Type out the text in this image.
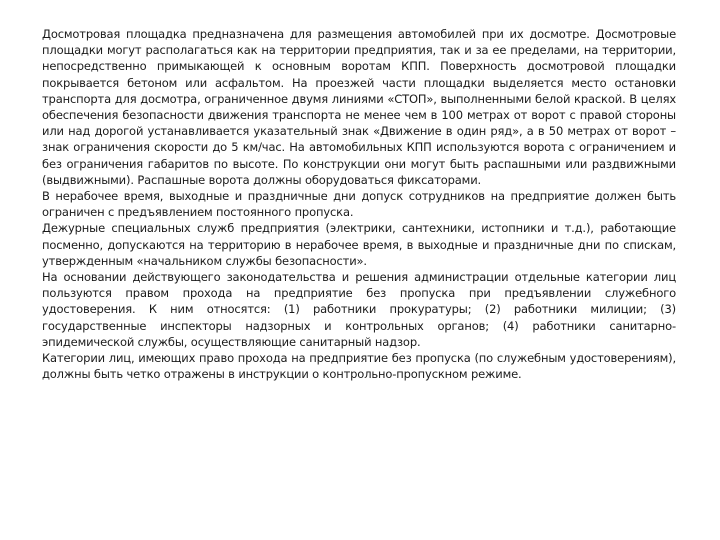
Досмотровая площадка предназначена для размещения автомобилей при их досмотре. Досмотровые площадки могут располагаться как на территории предприятия, так и за ее пределами, на территории, непосредственно примыкающей к основным воротам КПП. Поверхность досмотровой площадки покрывается бетоном или асфальтом. На проезжей части площадки выделяется место остановки транспорта для досмотра, ограниченное двумя линиями «СТОП», выполненными белой краской. В целях обеспечения безопасности движения транспорта не менее чем в 100 метрах от ворот с правой стороны или над дорогой устанавливается указательный знак «Движение в один ряд», а в 50 метрах от ворот – знак ограничения скорости до 5 км/час. На автомобильных КПП используются ворота с ограничением и без ограничения габаритов по высоте. По конструкции они могут быть распашными или раздвижными (выдвижными). Распашные ворота должны оборудоваться фиксаторами.

В нерабочее время, выходные и праздничные дни допуск сотрудников на предприятие должен быть ограничен с предъявлением постоянного пропуска.

Дежурные специальных служб предприятия (электрики, сантехники, истопники и т.д.), работающие посменно, допускаются на территорию в нерабочее время, в выходные и праздничные дни по спискам, утвержденным «начальником службы безопасности».

На основании действующего законодательства и решения администрации отдельные категории лиц пользуются правом прохода на предприятие без пропуска при предъявлении служебного удостоверения. К ним относятся: (1) работники прокуратуры; (2) работники милиции; (3) государственные инспекторы надзорных и контрольных органов; (4) работники санитарно-эпидемической службы, осуществляющие санитарный надзор.

Категории лиц, имеющих право прохода на предприятие без пропуска (по служебным удостоверениям), должны быть четко отражены в инструкции о контрольно-пропускном режиме.
